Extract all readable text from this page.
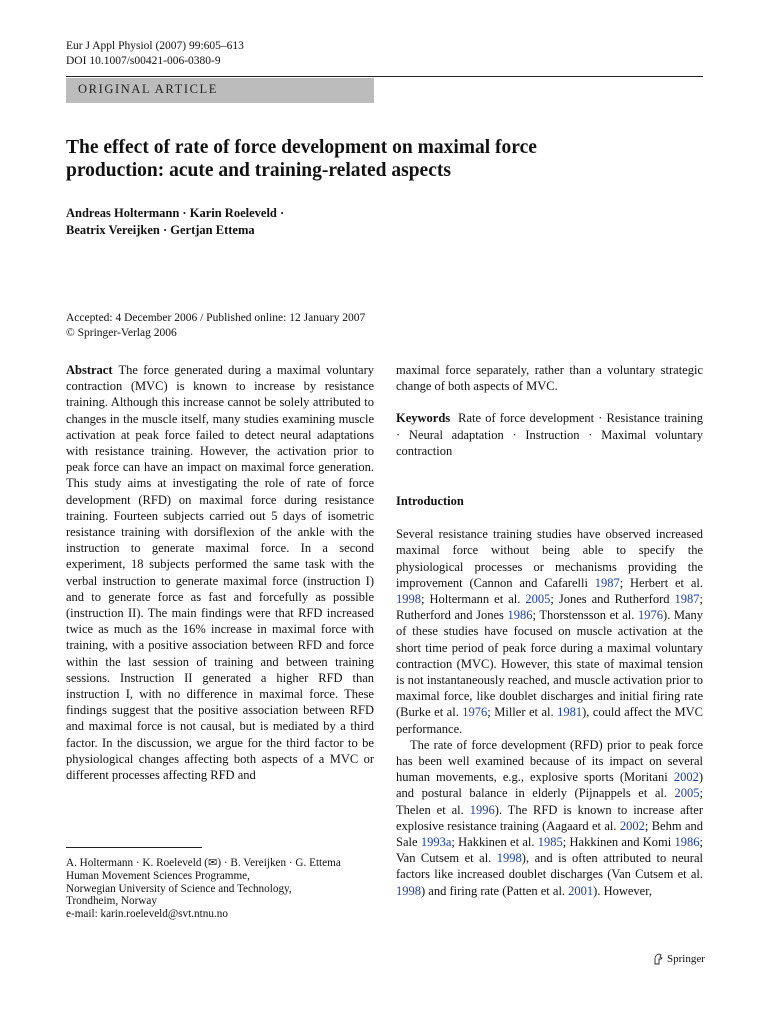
Eur J Appl Physiol (2007) 99:605–613
DOI 10.1007/s00421-006-0380-9
ORIGINAL ARTICLE
The effect of rate of force development on maximal force
production: acute and training-related aspects
Andreas Holtermann · Karin Roeleveld ·
Beatrix Vereijken · Gertjan Ettema
Accepted: 4 December 2006 / Published online: 12 January 2007
© Springer-Verlag 2006

Abstract The force generated during a maximal voluntary contraction (MVC) is known to increase by resistance training. Although this increase cannot be solely attributed to changes in the muscle itself, many studies examining muscle activation at peak force failed to detect neural adaptations with resistance training. However, the activation prior to peak force can have an impact on maximal force generation. This study aims at investigating the role of rate of force development (RFD) on maximal force during resistance training. Fourteen subjects carried out 5 days of isometric resistance training with dorsiflexion of the ankle with the instruction to generate maximal force. In a second experiment, 18 subjects performed the same task with the verbal instruction to generate maximal force (instruction I) and to generate force as fast and forcefully as possible (instruction II). The main findings were that RFD increased twice as much as the 16% increase in maximal force with training, with a positive association between RFD and force within the last session of training and between training sessions. Instruction II generated a higher RFD than instruction I, with no difference in maximal force. These findings suggest that the positive association between RFD and maximal force is not causal, but is mediated by a third factor. In the discussion, we argue for the third factor to be physiological changes affecting both aspects of a MVC or different processes affecting RFD and

maximal force separately, rather than a voluntary strategic change of both aspects of MVC.

Keywords Rate of force development · Resistance training · Neural adaptation · Instruction · Maximal voluntary contraction

Introduction

Several resistance training studies have observed increased maximal force without being able to specify the physiological processes or mechanisms providing the improvement (Cannon and Cafarelli 1987; Herbert et al. 1998; Holtermann et al. 2005; Jones and Rutherford 1987; Rutherford and Jones 1986; Thorstensson et al. 1976). Many of these studies have focused on muscle activation at the short time period of peak force during a maximal voluntary contraction (MVC). However, this state of maximal tension is not instantaneously reached, and muscle activation prior to maximal force, like doublet discharges and initial firing rate (Burke et al. 1976; Miller et al. 1981), could affect the MVC performance.

The rate of force development (RFD) prior to peak force has been well examined because of its impact on several human movements, e.g., explosive sports (Moritani 2002) and postural balance in elderly (Pijnappels et al. 2005; Thelen et al. 1996). The RFD is known to increase after explosive resistance training (Aagaard et al. 2002; Behm and Sale 1993a; Hakkinen et al. 1985; Hakkinen and Komi 1986; Van Cutsem et al. 1998), and is often attributed to neural factors like increased doublet discharges (Van Cutsem et al. 1998) and firing rate (Patten et al. 2001). However,

A. Holtermann · K. Roeleveld (✉) · B. Vereijken · G. Ettema
Human Movement Sciences Programme,
Norwegian University of Science and Technology,
Trondheim, Norway
e-mail: karin.roeleveld@svt.ntnu.no
Springer
